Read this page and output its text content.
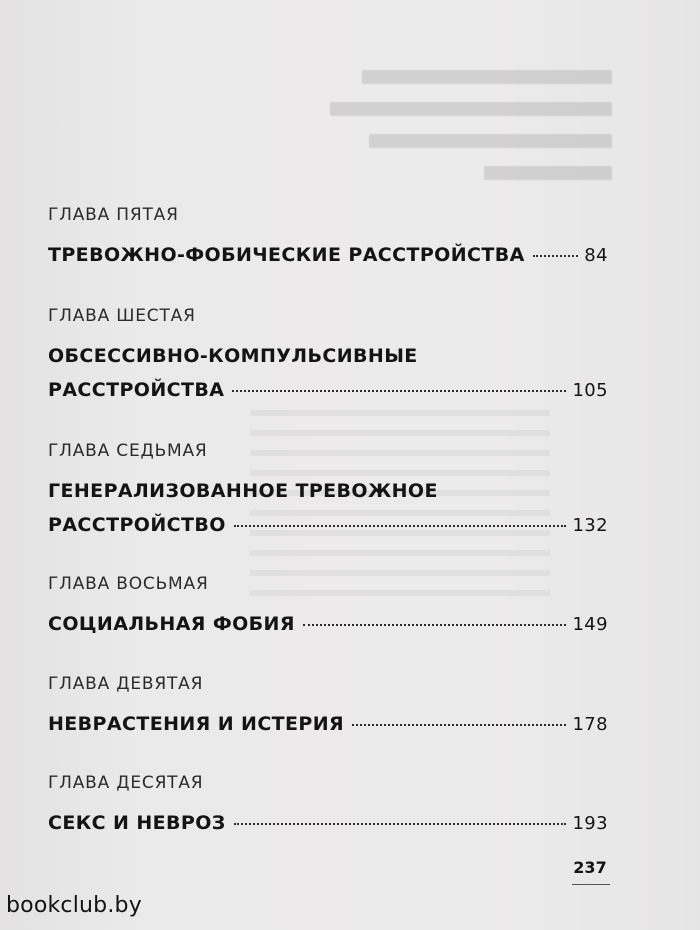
ГЛАВА ПЯТАЯ
ТРЕВОЖНО-ФОБИЧЕСКИЕ РАССТРОЙСТВА	84
ГЛАВА ШЕСТАЯ
ОБСЕССИВНО-КОМПУЛЬСИВНЫЕ
РАССТРОЙСТВА	105
ГЛАВА СЕДЬМАЯ
ГЕНЕРАЛИЗОВАННОЕ ТРЕВОЖНОЕ
РАССТРОЙСТВО	132
ГЛАВА ВОСЬМАЯ
СОЦИАЛЬНАЯ ФОБИЯ	149
ГЛАВА ДЕВЯТАЯ
НЕВРАСТЕНИЯ И ИСТЕРИЯ	178
ГЛАВА ДЕСЯТАЯ
СЕКС И НЕВРОЗ	193
237
bookclub.by
